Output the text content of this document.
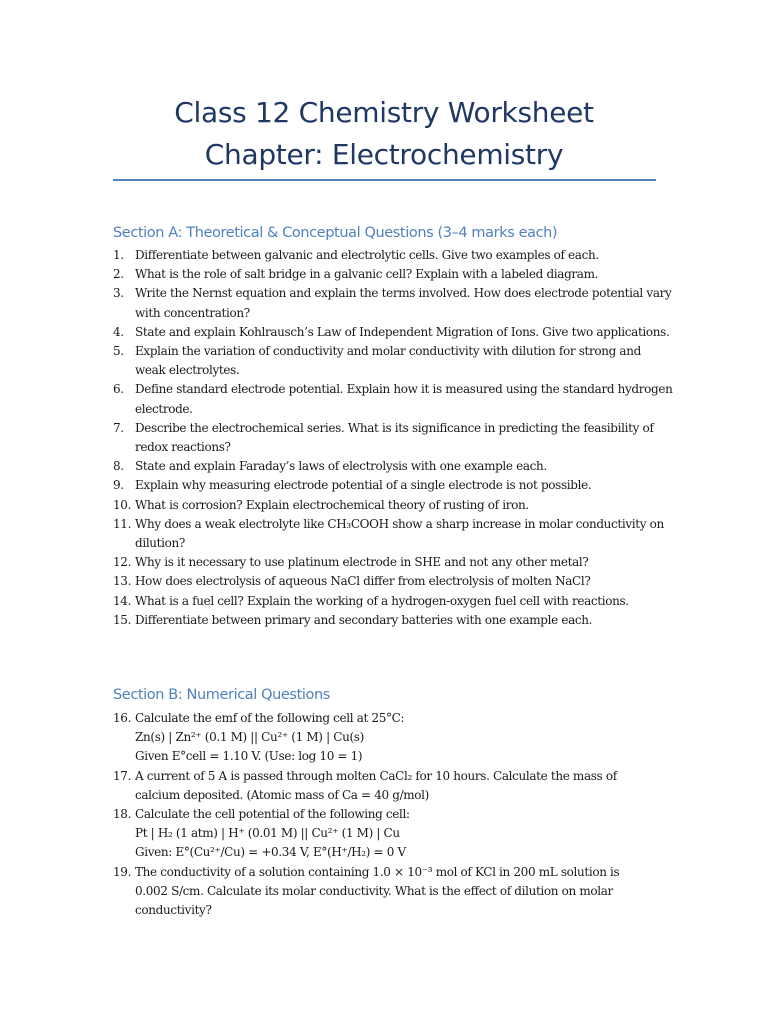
Class 12 Chemistry Worksheet
Chapter: Electrochemistry
Section A: Theoretical & Conceptual Questions (3–4 marks each)
1. Differentiate between galvanic and electrolytic cells. Give two examples of each.
2. What is the role of salt bridge in a galvanic cell? Explain with a labeled diagram.
3. Write the Nernst equation and explain the terms involved. How does electrode potential vary with concentration?
4. State and explain Kohlrausch’s Law of Independent Migration of Ions. Give two applications.
5. Explain the variation of conductivity and molar conductivity with dilution for strong and weak electrolytes.
6. Define standard electrode potential. Explain how it is measured using the standard hydrogen electrode.
7. Describe the electrochemical series. What is its significance in predicting the feasibility of redox reactions?
8. State and explain Faraday’s laws of electrolysis with one example each.
9. Explain why measuring electrode potential of a single electrode is not possible.
10. What is corrosion? Explain electrochemical theory of rusting of iron.
11. Why does a weak electrolyte like CH₃COOH show a sharp increase in molar conductivity on dilution?
12. Why is it necessary to use platinum electrode in SHE and not any other metal?
13. How does electrolysis of aqueous NaCl differ from electrolysis of molten NaCl?
14. What is a fuel cell? Explain the working of a hydrogen-oxygen fuel cell with reactions.
15. Differentiate between primary and secondary batteries with one example each.
Section B: Numerical Questions
16. Calculate the emf of the following cell at 25°C:
Zn(s) | Zn²⁺ (0.1 M) || Cu²⁺ (1 M) | Cu(s)
Given E°cell = 1.10 V. (Use: log 10 = 1)
17. A current of 5 A is passed through molten CaCl₂ for 10 hours. Calculate the mass of
calcium deposited. (Atomic mass of Ca = 40 g/mol)
18. Calculate the cell potential of the following cell:
Pt | H₂ (1 atm) | H⁺ (0.01 M) || Cu²⁺ (1 M) | Cu
Given: E°(Cu²⁺/Cu) = +0.34 V, E°(H⁺/H₂) = 0 V
19. The conductivity of a solution containing 1.0 × 10⁻³ mol of KCl in 200 mL solution is
0.002 S/cm. Calculate its molar conductivity. What is the effect of dilution on molar
conductivity?
